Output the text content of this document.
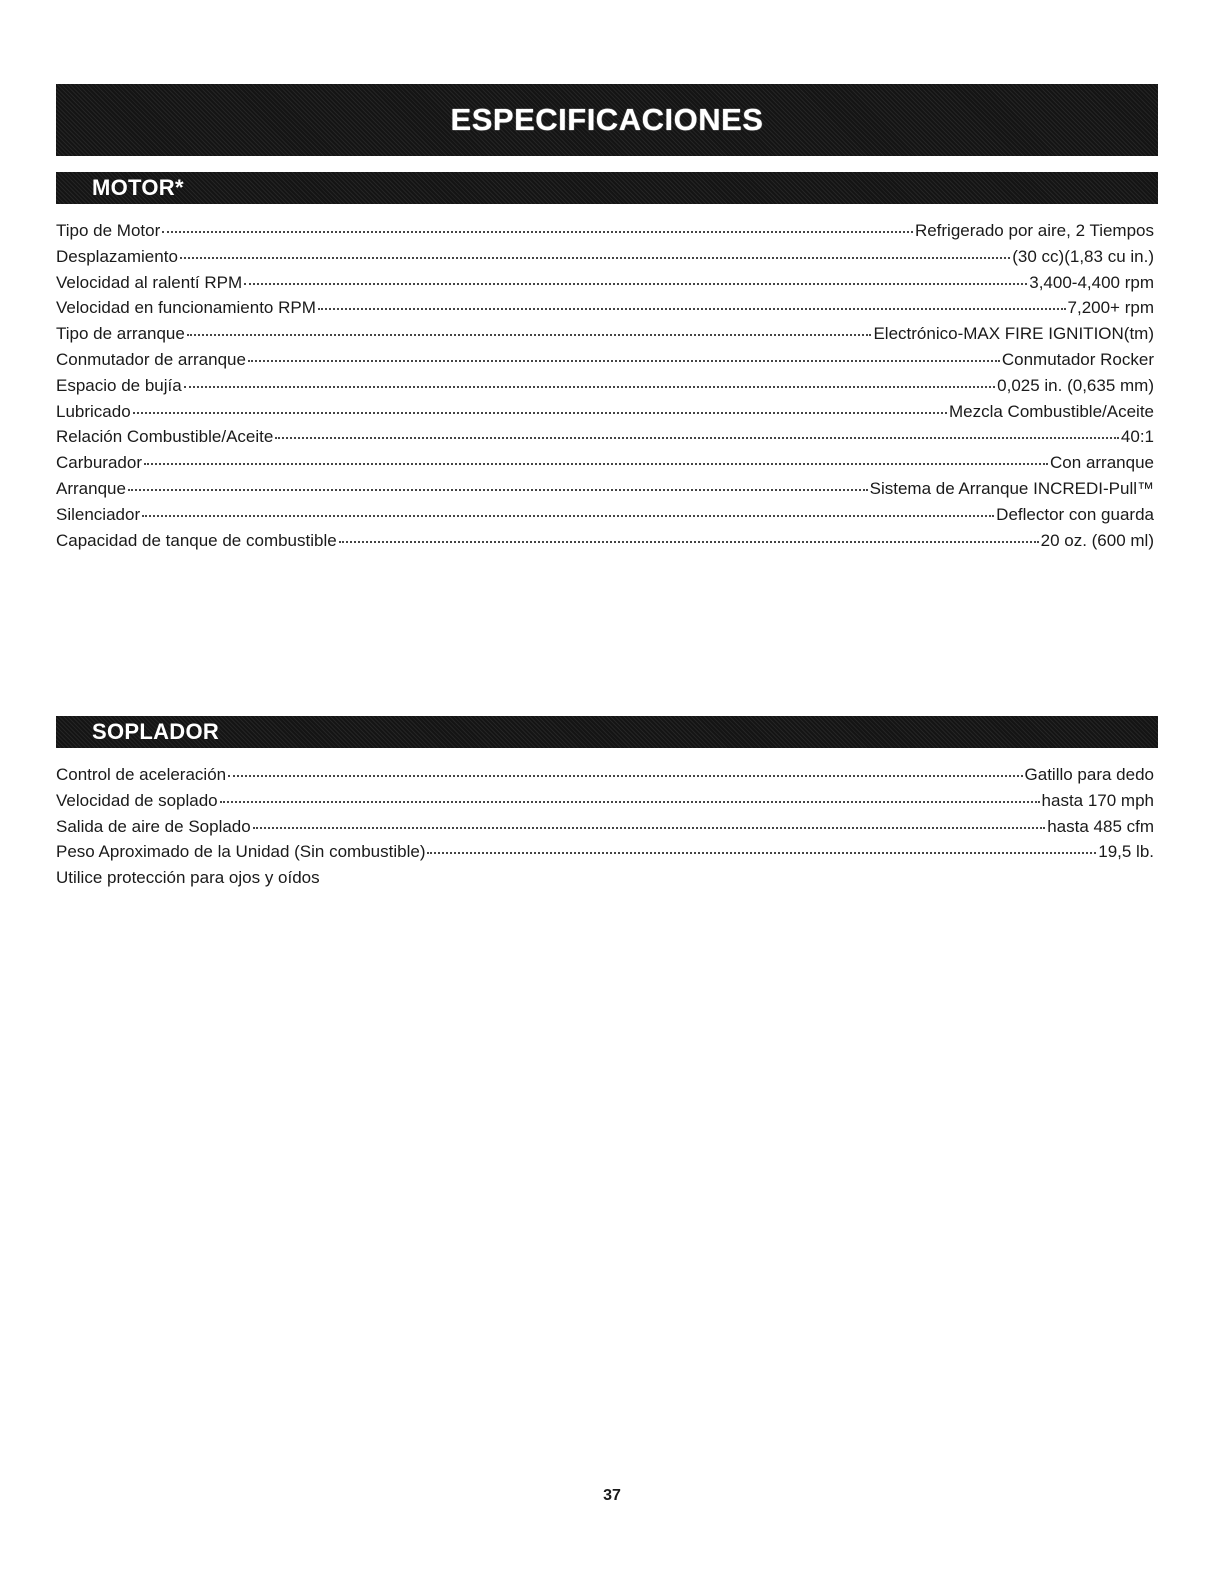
ESPECIFICACIONES
MOTOR*
Tipo de Motor	Refrigerado por aire, 2 Tiempos
Desplazamiento	(30 cc)(1,83 cu in.)
Velocidad al ralentí RPM	3,400-4,400 rpm
Velocidad en funcionamiento RPM	7,200+ rpm
Tipo de arranque	Electrónico-MAX FIRE IGNITION(tm)
Conmutador de arranque	Conmutador Rocker
Espacio de bujía	0,025 in. (0,635 mm)
Lubricado	Mezcla Combustible/Aceite
Relación Combustible/Aceite	40:1
Carburador	Con arranque
Arranque	Sistema de Arranque INCREDI-Pull™
Silenciador	Deflector con guarda
Capacidad de tanque de combustible	20 oz. (600 ml)
SOPLADOR
Control de aceleración	Gatillo para dedo
Velocidad de soplado	hasta 170 mph
Salida de aire de Soplado	hasta 485 cfm
Peso Aproximado de la Unidad (Sin combustible)	19,5 lb.
Utilice protección para ojos y oídos
37
